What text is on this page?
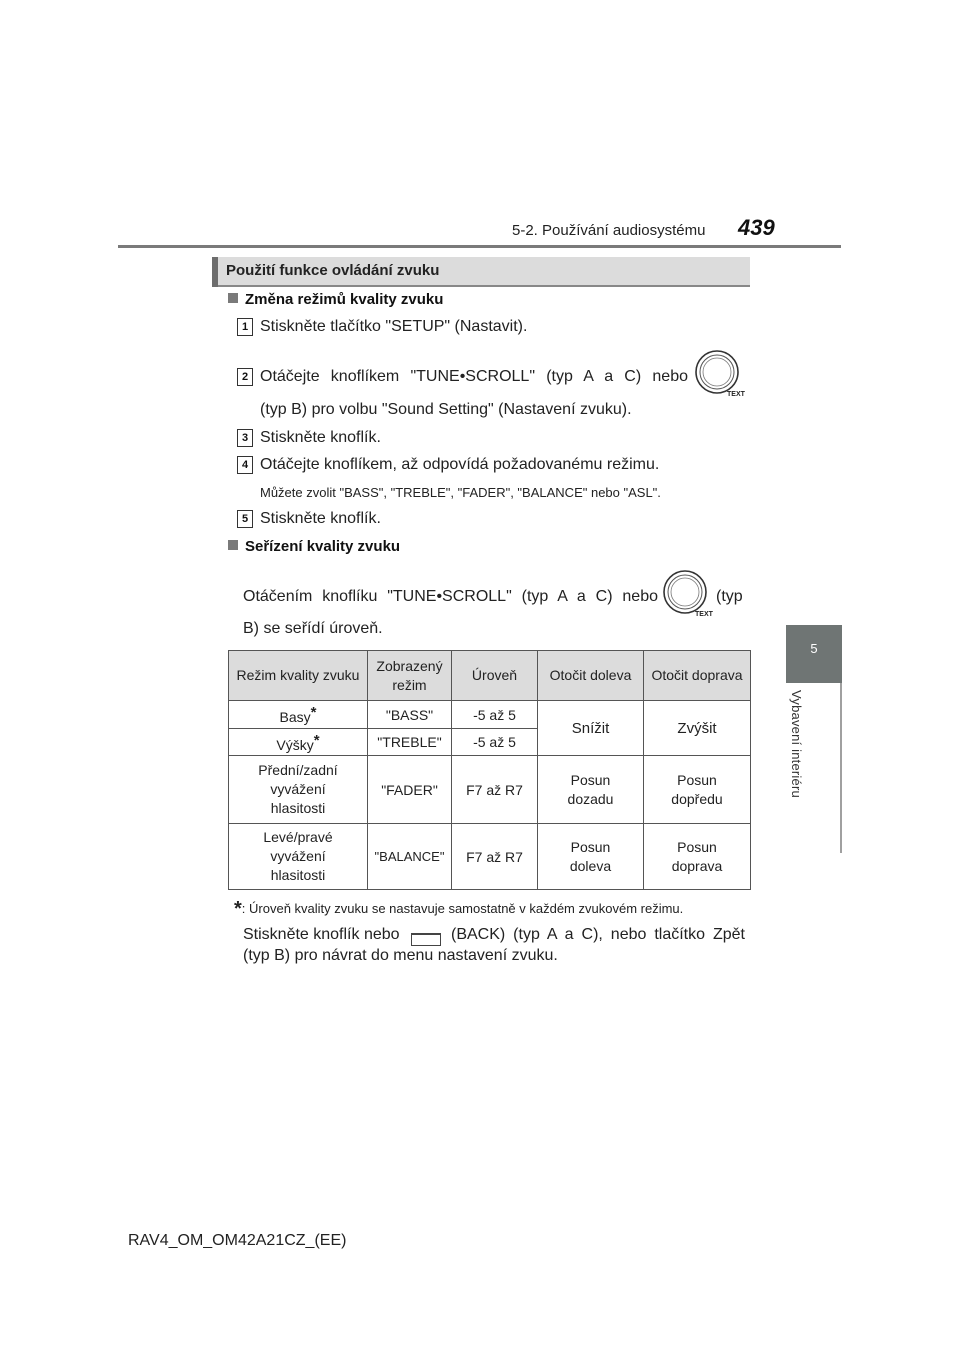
5-2. Používání audiosystému 439
5
Vybavení interiéru
Použití funkce ovládání zvuku
Změna režimů kvality zvuku
1 Stiskněte tlačítko "SETUP" (Nastavit).
2 Otáčejte knoflíkem "TUNE•SCROLL" (typ A a C) nebo
TEXT
(typ B) pro volbu "Sound Setting" (Nastavení zvuku).
3 Stiskněte knoflík.
4 Otáčejte knoflíkem, až odpovídá požadovanému režimu.
Můžete zvolit "BASS", "TREBLE", "FADER", "BALANCE" nebo "ASL".
5 Stiskněte knoflík.
Seřízení kvality zvuku
Otáčením knoflíku "TUNE•SCROLL" (typ A a C) nebo
TEXT
(typ
B) se seřídí úroveň.
Režim kvality zvuku	Zobrazený režim	Úroveň	Otočit doleva	Otočit doprava
Basy*	"BASS"	-5 až 5	Snížit	Zvýšit
Výšky*	"TREBLE"	-5 až 5		
Přední/zadní vyvážení hlasitosti	"FADER"	F7 až R7	Posun dozadu	Posun dopředu
Levé/pravé vyvážení hlasitosti	"BALANCE"	F7 až R7	Posun doleva	Posun doprava
*: Úroveň kvality zvuku se nastavuje samostatně v každém zvukovém režimu.
Stiskněte knoflík nebo	(BACK) (typ A a C), nebo tlačítko Zpět
(typ B) pro návrat do menu nastavení zvuku.
RAV4_OM_OM42A21CZ_(EE)
